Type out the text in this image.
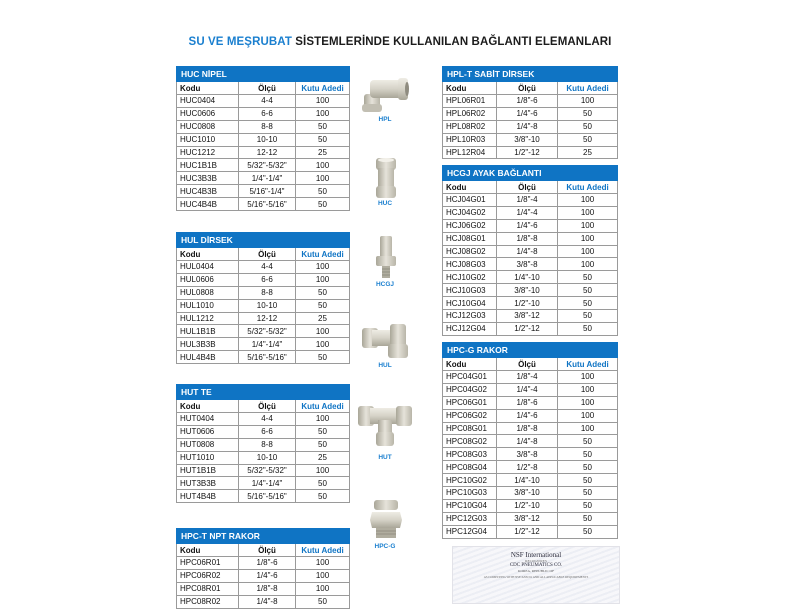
SU VE MEŞRUBAT SİSTEMLERİNDE KULLANILAN BAĞLANTI ELEMANLARI
HUC NİPEL		
Kodu	Ölçü	Kutu Adedi
HUC0404	4-4	100
HUC0606	6-6	100
HUC0808	8-8	50
HUC1010	10-10	50
HUC1212	12-12	25
HUC1B1B	5/32"-5/32"	100
HUC3B3B	1/4"-1/4"	100
HUC4B3B	5/16"-1/4"	50
HUC4B4B	5/16"-5/16"	50
HUL DİRSEK		
Kodu	Ölçü	Kutu Adedi
HUL0404	4-4	100
HUL0606	6-6	100
HUL0808	8-8	50
HUL1010	10-10	50
HUL1212	12-12	25
HUL1B1B	5/32"-5/32"	100
HUL3B3B	1/4"-1/4"	100
HUL4B4B	5/16"-5/16"	50
HUT TE		
Kodu	Ölçü	Kutu Adedi
HUT0404	4-4	100
HUT0606	6-6	50
HUT0808	8-8	50
HUT1010	10-10	25
HUT1B1B	5/32"-5/32"	100
HUT3B3B	1/4"-1/4"	50
HUT4B4B	5/16"-5/16"	50
HPC-T NPT RAKOR		
Kodu	Ölçü	Kutu Adedi
HPC06R01	1/8"-6	100
HPC06R02	1/4"-6	100
HPC08R01	1/8"-8	100
HPC08R02	1/4"-8	50
HPL-T SABİT DİRSEK		
Kodu	Ölçü	Kutu Adedi
HPL06R01	1/8"-6	100
HPL06R02	1/4"-6	50
HPL08R02	1/4"-8	50
HPL10R03	3/8"-10	50
HPL12R04	1/2"-12	25
HCGJ AYAK BAĞLANTI		
Kodu	Ölçü	Kutu Adedi
HCJ04G01	1/8"-4	100
HCJ04G02	1/4"-4	100
HCJ06G02	1/4"-6	100
HCJ08G01	1/8"-8	100
HCJ08G02	1/4"-8	100
HCJ08G03	3/8"-8	100
HCJ10G02	1/4"-10	50
HCJ10G03	3/8"-10	50
HCJ10G04	1/2"-10	50
HCJ12G03	3/8"-12	50
HCJ12G04	1/2"-12	50
HPC-G RAKOR		
Kodu	Ölçü	Kutu Adedi
HPC04G01	1/8"-4	100
HPC04G02	1/4"-4	100
HPC06G01	1/8"-6	100
HPC06G02	1/4"-6	100
HPC08G01	1/8"-8	100
HPC08G02	1/4"-8	50
HPC08G03	3/8"-8	50
HPC08G04	1/2"-8	50
HPC10G02	1/4"-10	50
HPC10G03	3/8"-10	50
HPC10G04	1/2"-10	50
HPC12G03	3/8"-12	50
HPC12G04	1/2"-12	50
HPL
HUC
HCGJ
HUL
HUT
HPC-G
NSF International
RECOGNIZES
CDC PNEUMATICS CO.
KOREA, REPUBLIC OF
AS COMPLYING WITH NSF/ANSI 61 AND ALL APPLICABLE REQUIREMENTS
